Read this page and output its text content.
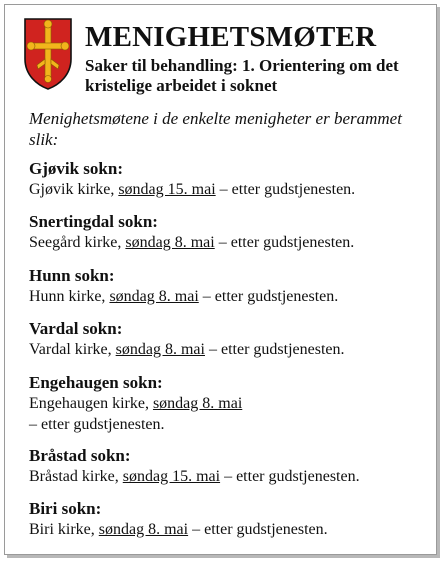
MENIGHETSMØTER
Saker til behandling: 1. Orientering om det kristelige arbeidet i soknet
Menighetsmøtene i de enkelte menigheter er berammet slik:
Gjøvik sokn:
Gjøvik kirke, søndag 15. mai – etter gudstjenesten.
Snertingdal sokn:
Seegård kirke, søndag 8. mai – etter gudstjenesten.
Hunn sokn:
Hunn kirke, søndag 8. mai – etter gudstjenesten.
Vardal sokn:
Vardal kirke, søndag 8. mai – etter gudstjenesten.
Engehaugen sokn:
Engehaugen kirke, søndag 8. mai
– etter gudstjenesten.
Bråstad sokn:
Bråstad kirke, søndag 15. mai – etter gudstjenesten.
Biri sokn:
Biri kirke, søndag 8. mai – etter gudstjenesten.
